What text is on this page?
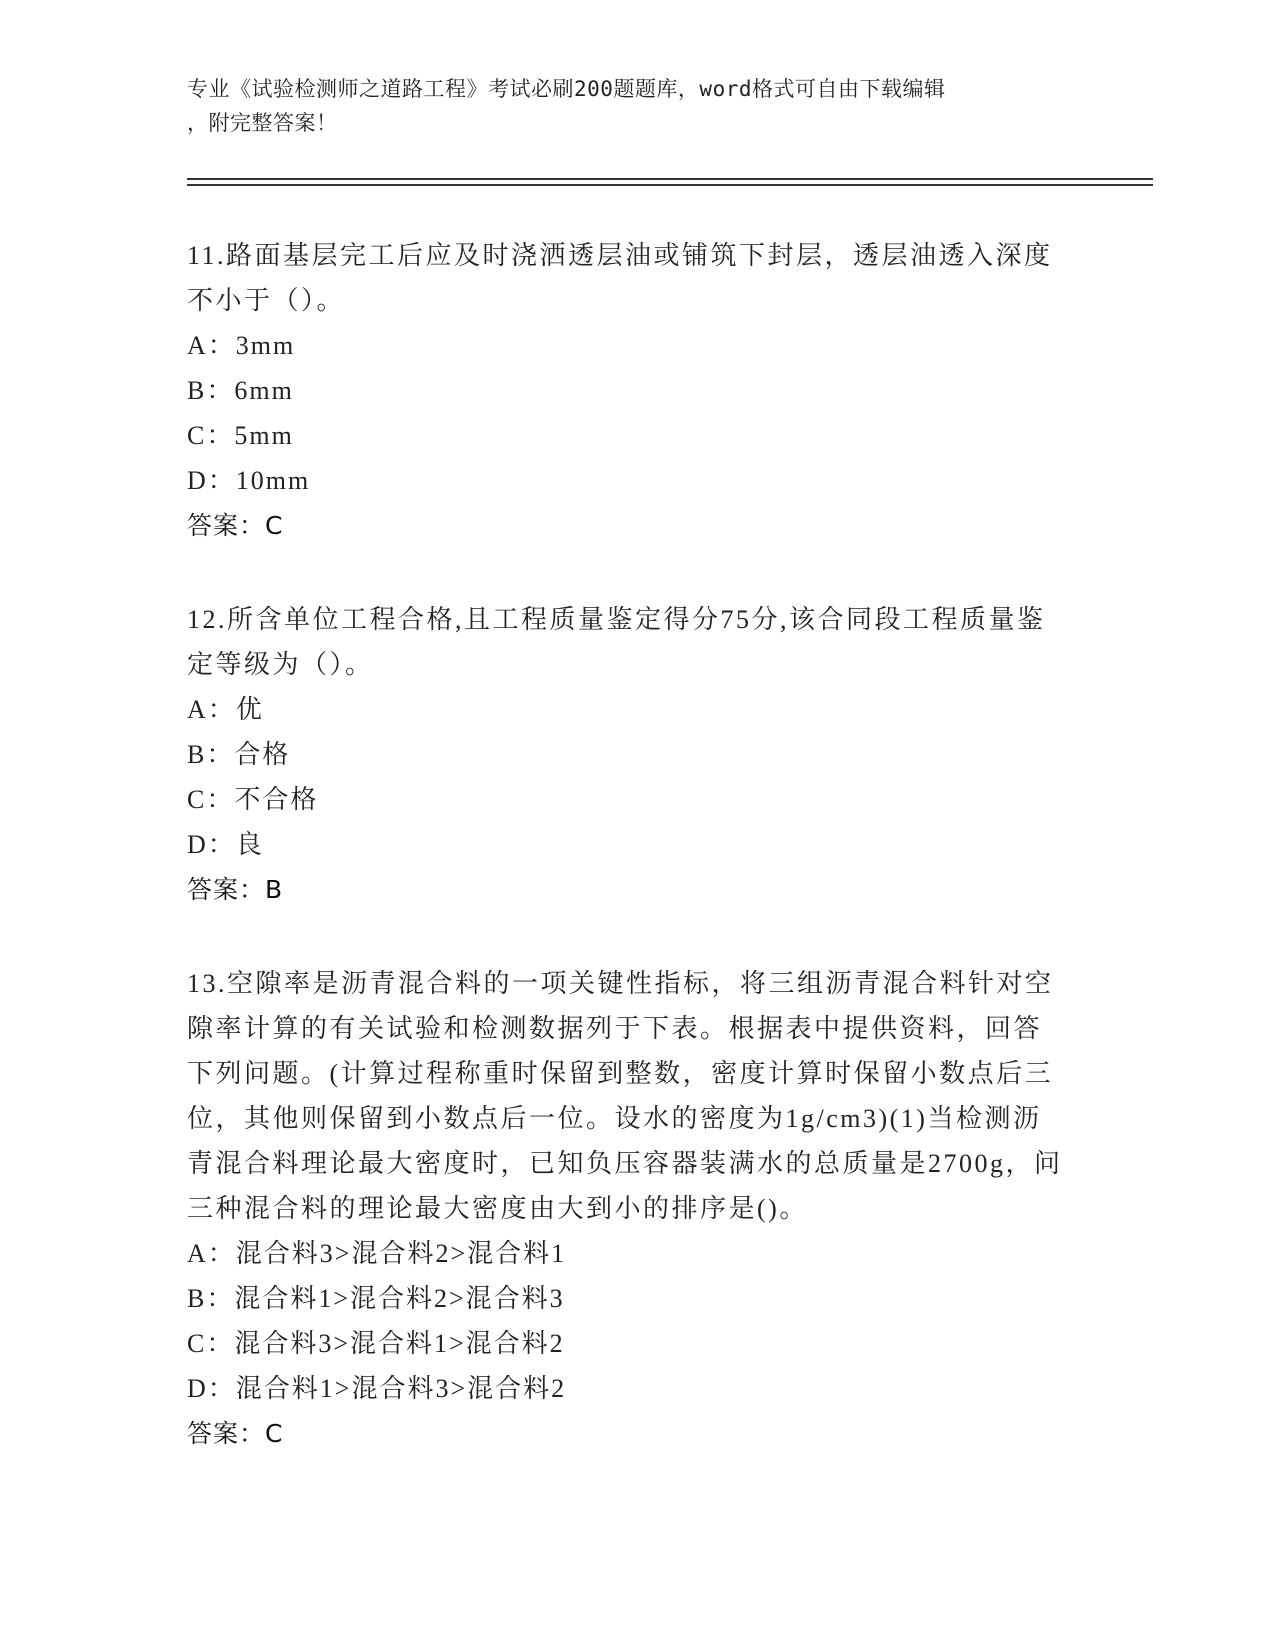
专业《试验检测师之道路工程》考试必刷200题题库，word格式可自由下载编辑
，附完整答案！

11.路面基层完工后应及时浇洒透层油或铺筑下封层，透层油透入深度不小于（）。

A：3mm
B：6mm
C：5mm
D：10mm
答案：C

12.所含单位工程合格,且工程质量鉴定得分75分,该合同段工程质量鉴定等级为（）。

A：优
B：合格
C：不合格
D：良
答案：B

13.空隙率是沥青混合料的一项关键性指标，将三组沥青混合料针对空隙率计算的有关试验和检测数据列于下表。根据表中提供资料，回答下列问题。(计算过程称重时保留到整数，密度计算时保留小数点后三位，其他则保留到小数点后一位。设水的密度为1g/cm3)(1)当检测沥青混合料理论最大密度时，已知负压容器装满水的总质量是2700g，问三种混合料的理论最大密度由大到小的排序是()。

A：混合料3>混合料2>混合料1
B：混合料1>混合料2>混合料3
C：混合料3>混合料1>混合料2
D：混合料1>混合料3>混合料2
答案：C
